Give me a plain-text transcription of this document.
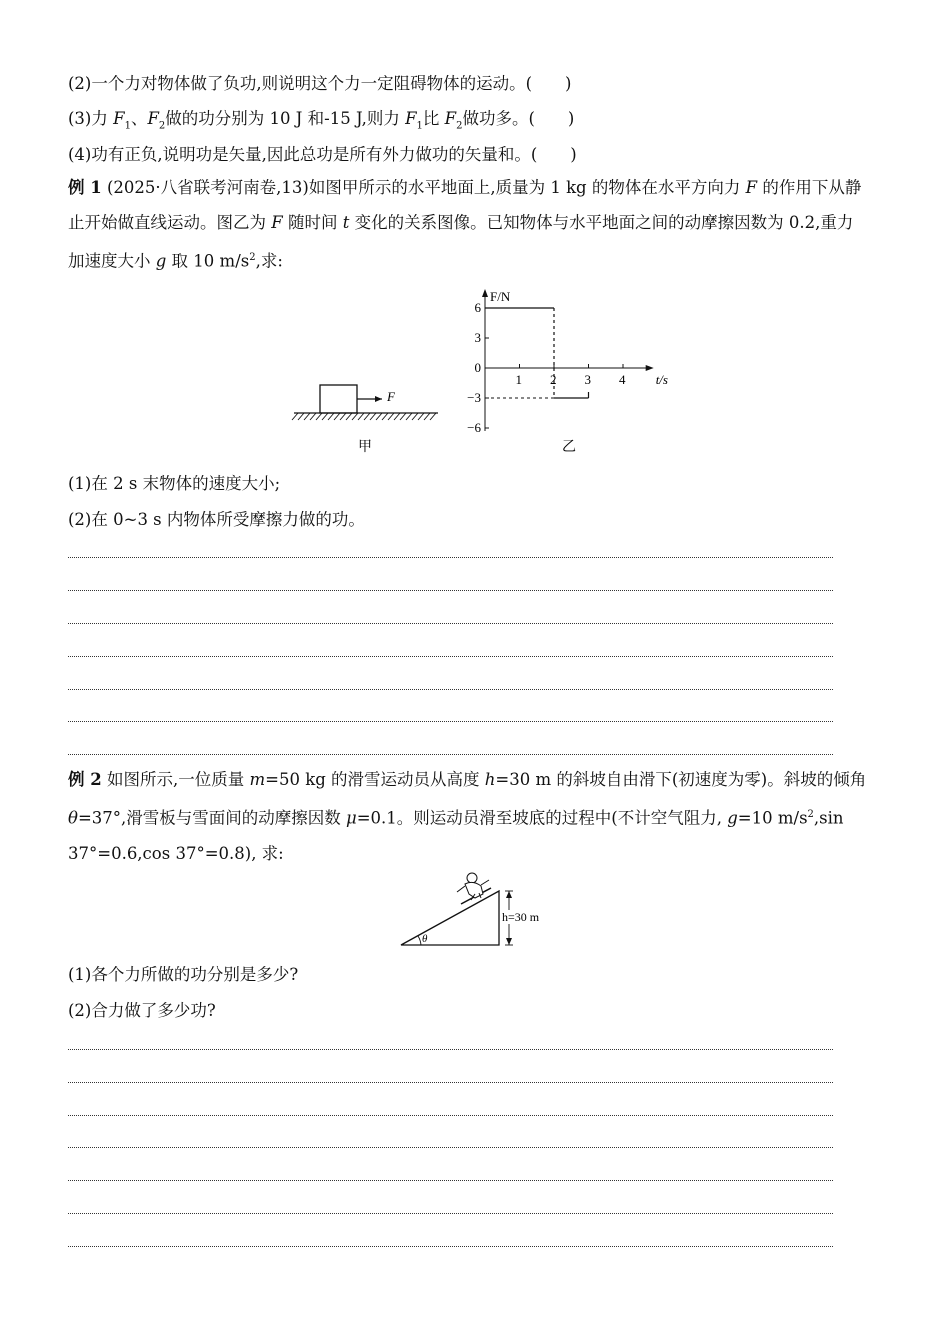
(2)一个力对物体做了负功,则说明这个力一定阻碍物体的运动。(　　)
(3)力 $F_1$、$F_2$做的功分别为 10 J 和-15 J,则力 $F_1$比 $F_2$做功多。(　　)
(4)功有正负,说明功是矢量,因此总功是所有外力做功的矢量和。(　　)
例 1 (2025·八省联考河南卷,13)如图甲所示的水平地面上,质量为 1 kg 的物体在水平方向力 F 的作用下从静止开始做直线运动。图乙为 F 随时间 t 变化的关系图像。已知物体与水平地面之间的动摩擦因数为 0.2,重力加速度大小 g 取 10 $m/s^2$,求:
F
甲
F/N
t/s
1 2 3 4
6
3
0
−3
−6
乙
(1)在 2 s 末物体的速度大小;
(2)在 0~3 s 内物体所受摩擦力做的功。
例 2 如图所示,一位质量 m=50 kg 的滑雪运动员从高度 h=30 m 的斜坡自由滑下(初速度为零)。斜坡的倾角 θ=37°,滑雪板与雪面间的动摩擦因数 μ=0.1。则运动员滑至坡底的过程中(不计空气阻力, g=10 $m/s^2,\sin$ 37°=0.6,cos 37°=0.8), 求:
θ
h=30 m
(1)各个力所做的功分别是多少?
(2)合力做了多少功?
